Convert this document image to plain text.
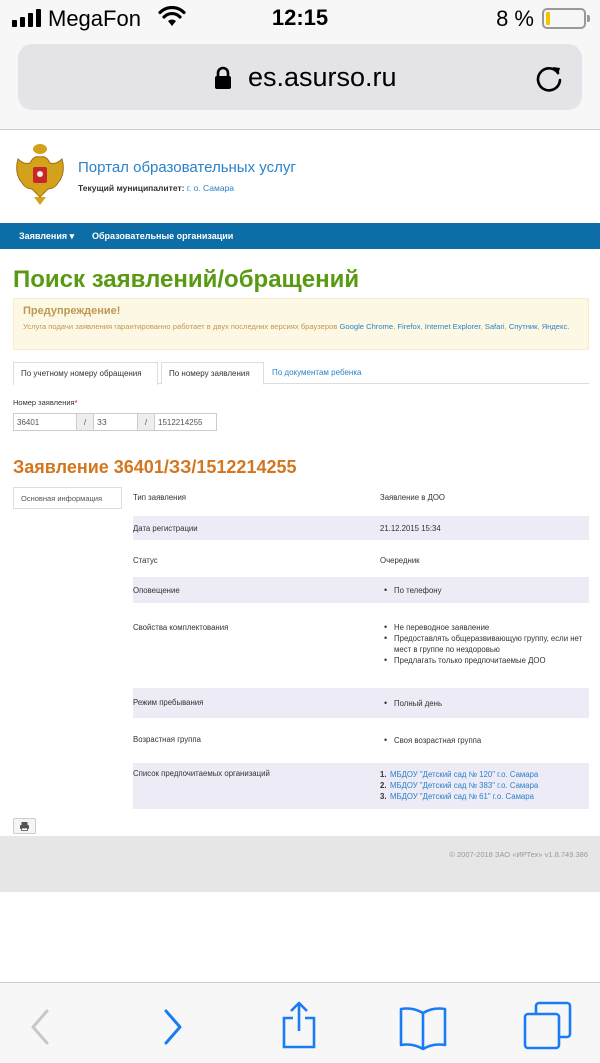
MegaFon	12:15	8 %
es.asurso.ru
Портал образовательных услуг
Текущий муниципалитет: г. о. Самара
Заявления ▾ Образовательные организации
Поиск заявлений/обращений
Предупреждение!
Услуга подачи заявления гарантированно работает в двух последних версиях браузеров Google Chrome, Firefox, Internet Explorer, Safari, Спутник, Яндекс.
По учетному номеру обращения	По номеру заявления	По документам ребенка
Номер заявления*
36401	/	ЗЗ	/	1512214255
Заявление 36401/ЗЗ/1512214255
Основная информация	Тип заявления	Заявление в ДОО
Дата регистрации	21.12.2015 15:34
Статус	Очередник
Оповещение	• По телефону
Свойства комплектования	• Не переводное заявление
• Предоставлять общеразвивающую группу, если нет мест в группе по нездоровью
• Предлагать только предпочитаемые ДОО
Режим пребывания	• Полный день
Возрастная группа	• Своя возрастная группа
Список предпочитаемых организаций	1. МБДОУ "Детский сад № 120" г.о. Самара
2. МБДОУ "Детский сад № 383" г.о. Самара
3. МБДОУ "Детский сад № 61" г.о. Самара
© 2007-2018 ЗАО «ИРТех» v1.8.749.386
